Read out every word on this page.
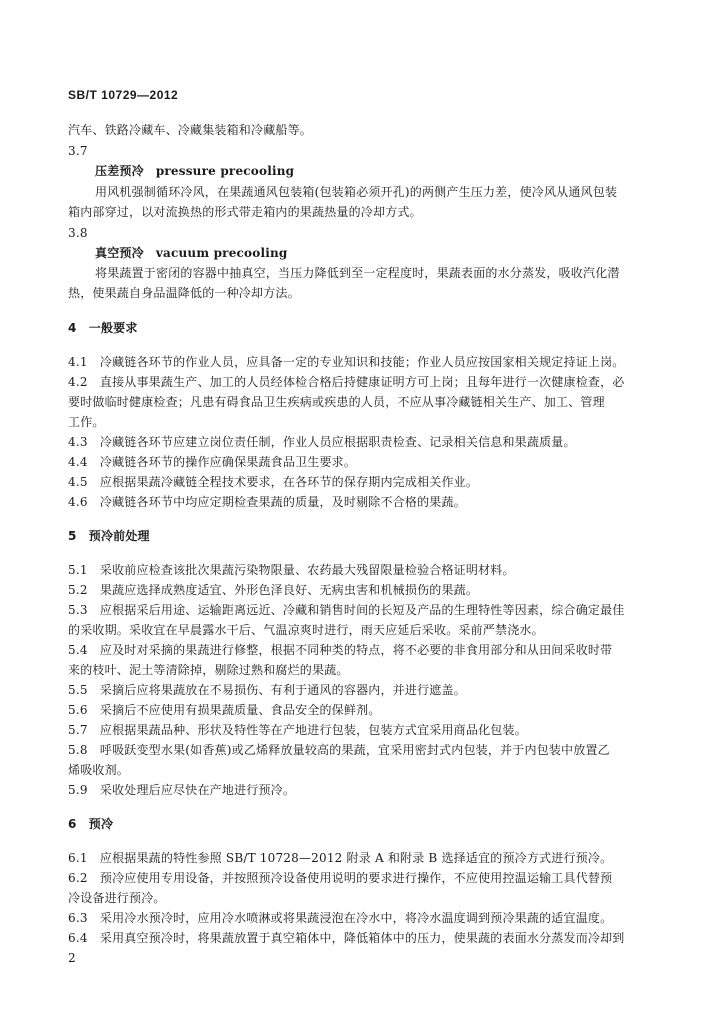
SB/T 10729—2012
汽车、铁路冷藏车、冷藏集装箱和冷藏船等。
3.7
压差预冷 pressure precooling
用风机强制循环冷风，在果蔬通风包装箱(包装箱必须开孔)的两侧产生压力差，使冷风从通风包装
箱内部穿过，以对流换热的形式带走箱内的果蔬热量的冷却方式。
3.8
真空预冷 vacuum precooling
将果蔬置于密闭的容器中抽真空，当压力降低到至一定程度时，果蔬表面的水分蒸发，吸收汽化潜
热，使果蔬自身品温降低的一种冷却方法。
4　一般要求
4.1　冷藏链各环节的作业人员，应具备一定的专业知识和技能；作业人员应按国家相关规定持证上岗。
4.2　直接从事果蔬生产、加工的人员经体检合格后持健康证明方可上岗；且每年进行一次健康检查，必
要时做临时健康检查；凡患有碍食品卫生疾病或疾患的人员，不应从事冷藏链相关生产、加工、管理
工作。
4.3　冷藏链各环节应建立岗位责任制，作业人员应根据职责检查、记录相关信息和果蔬质量。
4.4　冷藏链各环节的操作应确保果蔬食品卫生要求。
4.5　应根据果蔬冷藏链全程技术要求，在各环节的保存期内完成相关作业。
4.6　冷藏链各环节中均应定期检查果蔬的质量，及时剔除不合格的果蔬。
5　预冷前处理
5.1　采收前应检查该批次果蔬污染物限量、农药最大残留限量检验合格证明材料。
5.2　果蔬应选择成熟度适宜、外形色泽良好、无病虫害和机械损伤的果蔬。
5.3　应根据采后用途、运输距离远近、冷藏和销售时间的长短及产品的生理特性等因素，综合确定最佳
的采收期。采收宜在早晨露水干后、气温凉爽时进行，雨天应延后采收。采前严禁浇水。
5.4　应及时对采摘的果蔬进行修整，根据不同种类的特点，将不必要的非食用部分和从田间采收时带
来的枝叶、泥土等清除掉，剔除过熟和腐烂的果蔬。
5.5　采摘后应将果蔬放在不易损伤、有利于通风的容器内，并进行遮盖。
5.6　采摘后不应使用有损果蔬质量、食品安全的保鲜剂。
5.7　应根据果蔬品种、形状及特性等在产地进行包装，包装方式宜采用商品化包装。
5.8　呼吸跃变型水果(如香蕉)或乙烯释放量较高的果蔬，宜采用密封式内包装，并于内包装中放置乙
烯吸收剂。
5.9　采收处理后应尽快在产地进行预冷。
6　预冷
6.1　应根据果蔬的特性参照 SB/T 10728—2012 附录 A 和附录 B 选择适宜的预冷方式进行预冷。
6.2　预冷应使用专用设备，并按照预冷设备使用说明的要求进行操作，不应使用控温运输工具代替预
冷设备进行预冷。
6.3　采用冷水预冷时，应用冷水喷淋或将果蔬浸泡在冷水中，将冷水温度调到预冷果蔬的适宜温度。
6.4　采用真空预冷时，将果蔬放置于真空箱体中，降低箱体中的压力，使果蔬的表面水分蒸发而冷却到
2
